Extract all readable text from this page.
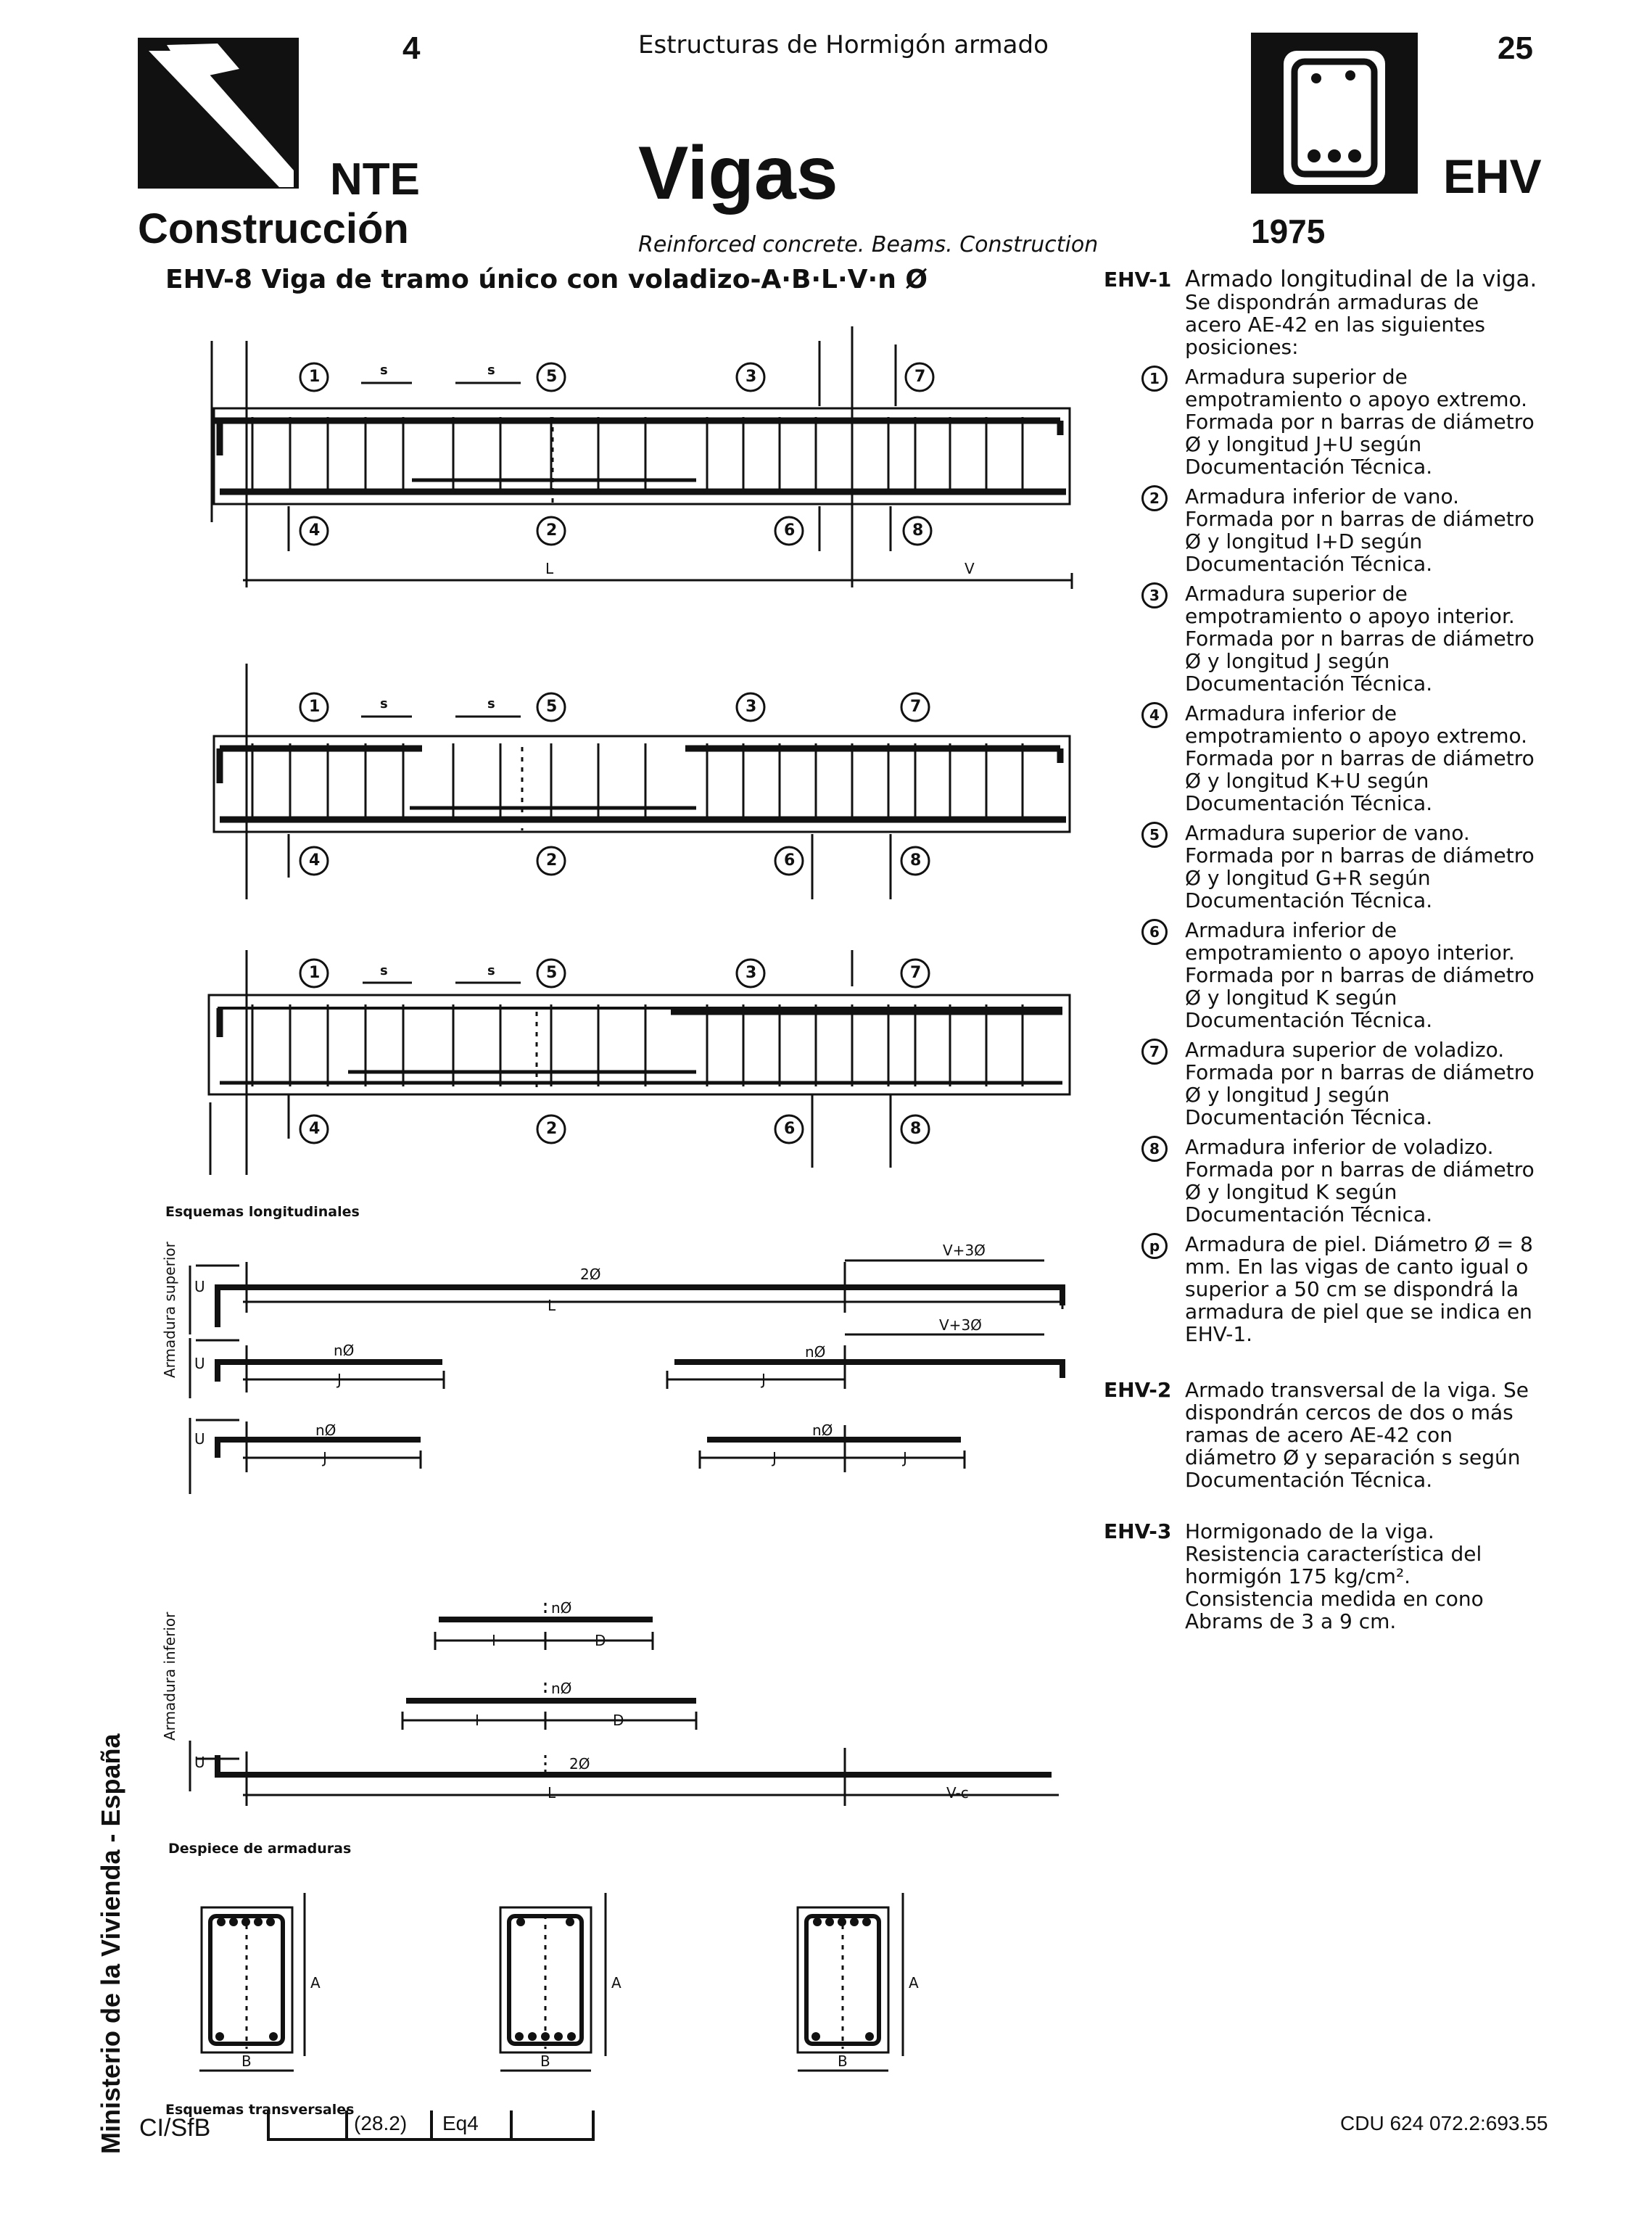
4	Estructuras de Hormigón armado	25
NTE
Construcción
Vigas
Reinforced concrete. Beams. Construction
EHV
1975
EHV-8 Viga de tramo único con voladizo-A·B·L·V·n Ø
1	5	3	7
4	2	6	8
1	5	3	7
4	2	6	8
1	5	3	7
4	2	6	8
s	s
s	s
s	s
L	V
Esquemas longitudinales
Armadura superior	2Ø
V+3Ø
V+3Ø
L
nØ	nØ
J	J
nØ	nØ
J	J	J
U
U
U
Armadura inferior
nØ
I	D
nØ
I	D
2Ø
U
L	V-c
Despiece de armaduras
A	A	A
B	B	B
Esquemas transversales
EHV-1 Armado longitudinal de la viga.
Se dispondrán armaduras de acero AE-42 en las siguientes posiciones:
1	Armadura superior de empotramiento o apoyo extremo. Formada por n barras de diámetro Ø y longitud J+U según Documentación Técnica.
2	Armadura inferior de vano. Formada por n barras de diámetro Ø y longitud I+D según Documentación Técnica.
3	Armadura superior de empotramiento o apoyo interior. Formada por n barras de diámetro Ø y longitud J según Documentación Técnica.
4	Armadura inferior de empotramiento o apoyo extremo. Formada por n barras de diámetro Ø y longitud K+U según Documentación Técnica.
5	Armadura superior de vano. Formada por n barras de diámetro Ø y longitud G+R según Documentación Técnica.
6	Armadura inferior de empotramiento o apoyo interior. Formada por n barras de diámetro Ø y longitud K según Documentación Técnica.
7	Armadura superior de voladizo. Formada por n barras de diámetro Ø y longitud J según Documentación Técnica.
8	Armadura inferior de voladizo. Formada por n barras de diámetro Ø y longitud K según Documentación Técnica.
p	Armadura de piel. Diámetro Ø = 8 mm. En las vigas de canto igual o superior a 50 cm se dispondrá la armadura de piel que se indica en EHV-1.
EHV-2 Armado transversal de la viga. Se dispondrán cercos de dos o más ramas de acero AE-42 con diámetro Ø y separación s según Documentación Técnica.
EHV-3 Hormigonado de la viga. Resistencia característica del hormigón 175 kg/cm². Consistencia medida en cono Abrams de 3 a 9 cm.
Ministerio de la Vivienda - España CI/SfB	(28.2) Eq4	CDU 624 072.2:693.55
